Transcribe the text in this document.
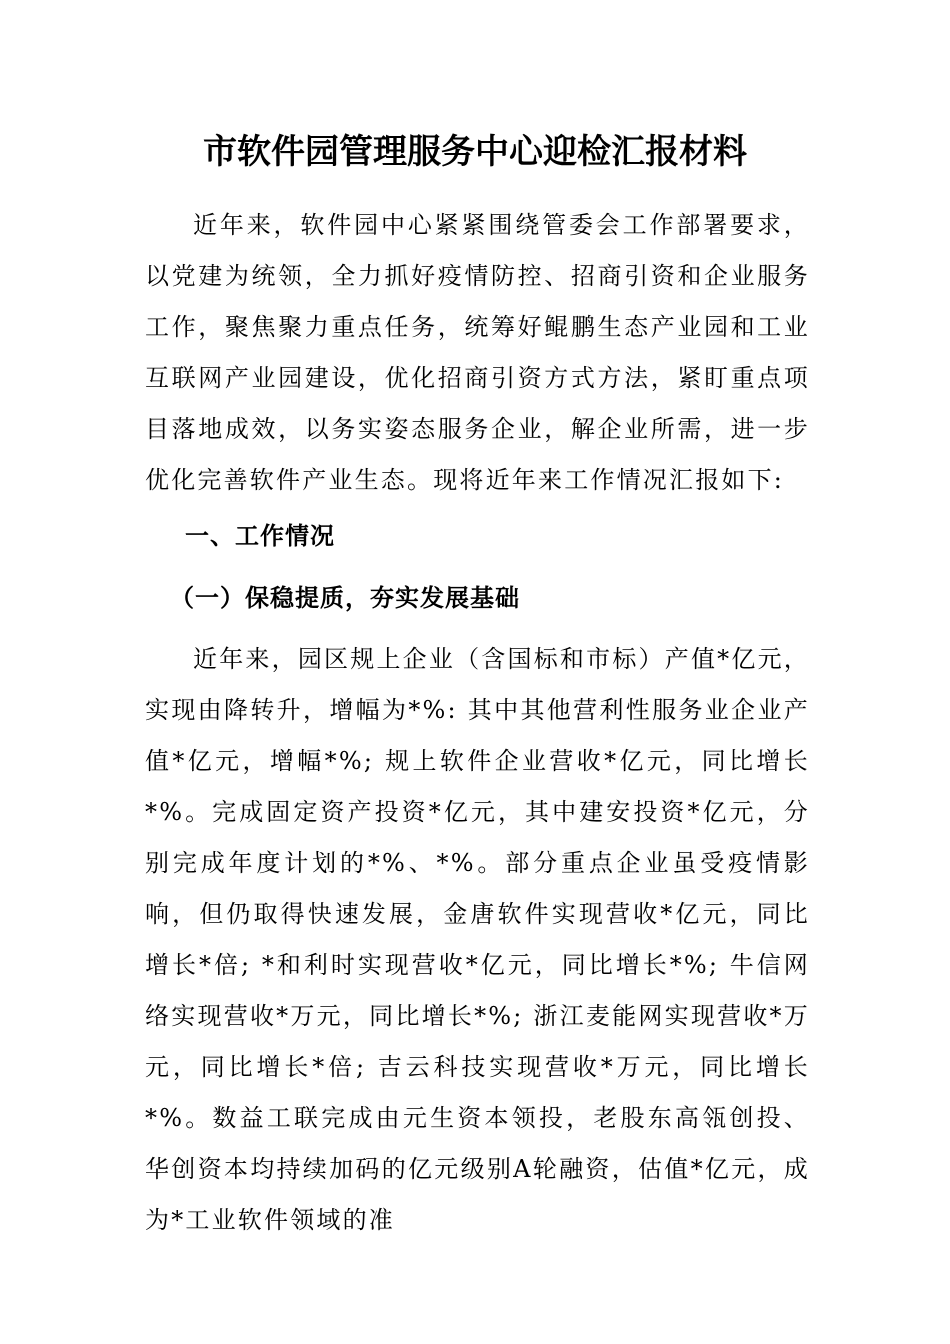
市软件园管理服务中心迎检汇报材料

近年来，软件园中心紧紧围绕管委会工作部署要求，以党建为统领，全力抓好疫情防控、招商引资和企业服务工作，聚焦聚力重点任务，统筹好鲲鹏生态产业园和工业互联网产业园建设，优化招商引资方式方法，紧盯重点项目落地成效，以务实姿态服务企业，解企业所需，进一步优化完善软件产业生态。现将近年来工作情况汇报如下:

一、工作情况
（一）保稳提质，夯实发展基础

近年来，园区规上企业（含国标和市标）产值*亿元，实现由降转升，增幅为*%: 其中其他营利性服务业企业产值*亿元，增幅*%; 规上软件企业营收*亿元，同比增长*%。完成固定资产投资*亿元，其中建安投资*亿元，分别完成年度计划的*%、*%。部分重点企业虽受疫情影响，但仍取得快速发展，金唐软件实现营收*亿元，同比增长*倍; *和利时实现营收*亿元，同比增长*%; 牛信网络实现营收*万元，同比增长*%; 浙江麦能网实现营收*万元，同比增长*倍; 吉云科技实现营收*万元，同比增长*%。数益工联完成由元生资本领投，老股东高瓴创投、华创资本均持续加码的亿元级别A轮融资，估值*亿元，成为*工业软件领域的准
